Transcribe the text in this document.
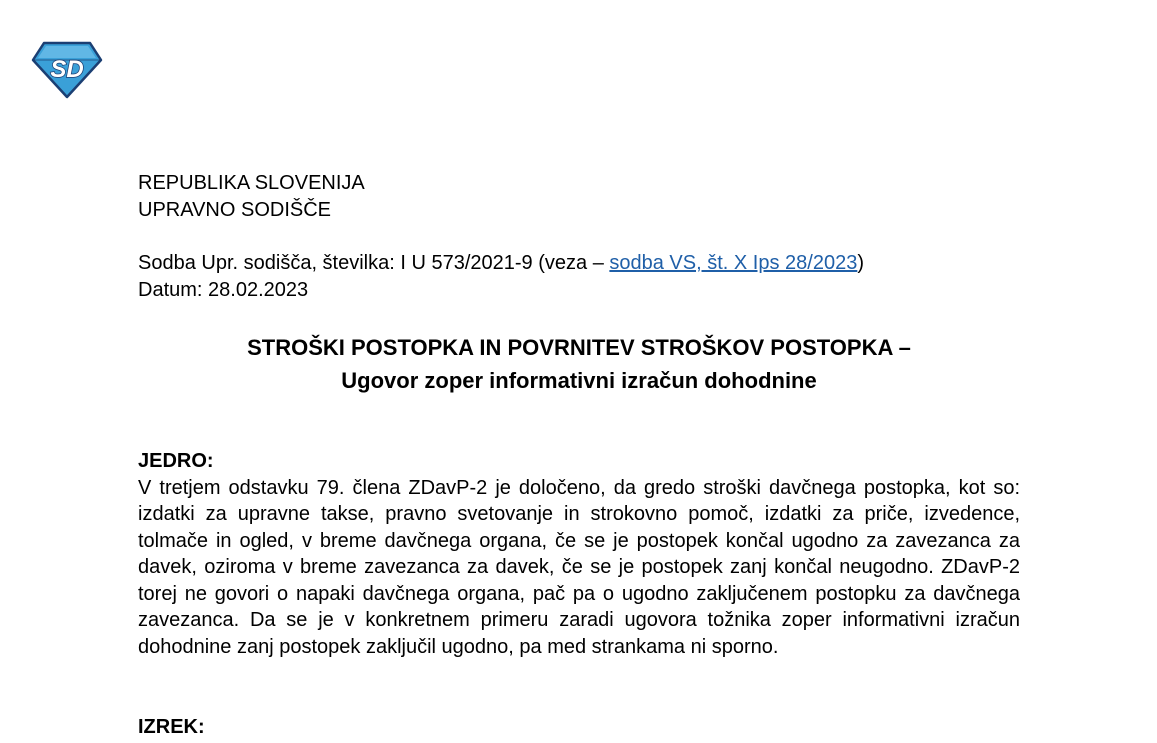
SD
REPUBLIKA SLOVENIJA
UPRAVNO SODIŠČE
Sodba Upr. sodišča, številka: I U 573/2021-9 (veza – sodba VS, št. X Ips 28/2023)
Datum: 28.02.2023
STROŠKI POSTOPKA IN POVRNITEV STROŠKOV POSTOPKA –
Ugovor zoper informativni izračun dohodnine
JEDRO:
V tretjem odstavku 79. člena ZDavP-2 je določeno, da gredo stroški davčnega postopka, kot so: izdatki za upravne takse, pravno svetovanje in strokovno pomoč, izdatki za priče, izvedence, tolmače in ogled, v breme davčnega organa, če se je postopek končal ugodno za zavezanca za davek, oziroma v breme zavezanca za davek, če se je postopek zanj končal neugodno. ZDavP-2 torej ne govori o napaki davčnega organa, pač pa o ugodno zaključenem postopku za davčnega zavezanca. Da se je v konkretnem primeru zaradi ugovora tožnika zoper informativni izračun dohodnine zanj postopek zaključil ugodno, pa med strankama ni sporno.
IZREK:
